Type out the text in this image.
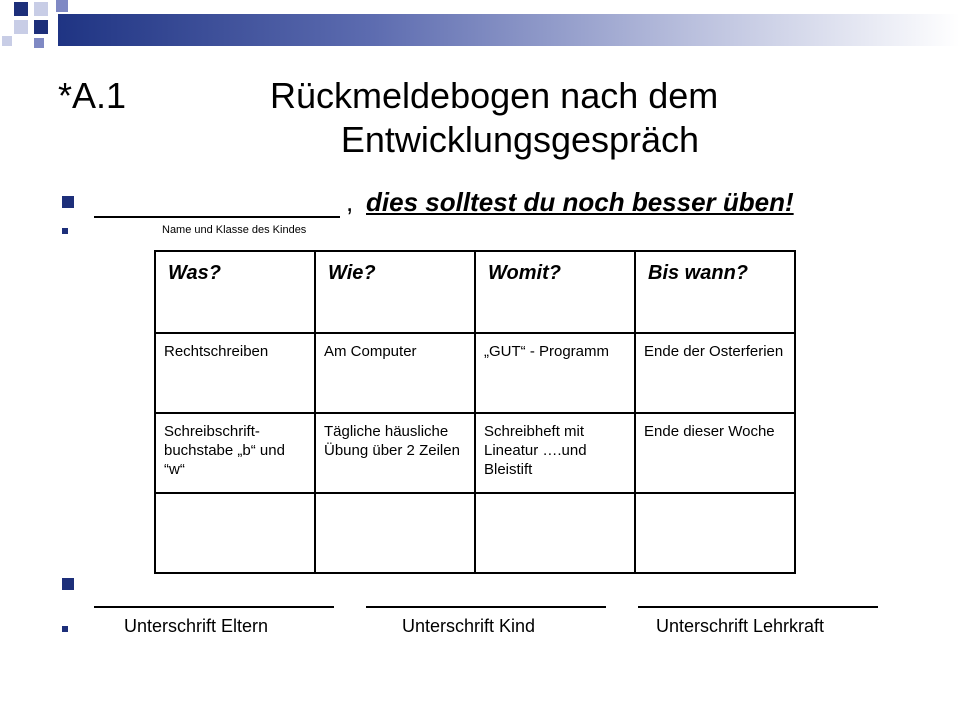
*A.1	Rückmeldebogen nach dem
Entwicklungsgespräch
, dies solltest du noch besser üben!
Name und Klasse des Kindes
Was?	Wie?	Womit?	Bis wann?
Rechtschreiben	Am Computer	„GUT“ - Programm	Ende der Osterferien
Schreibschrift-buchstabe „b“ und “w“	Tägliche häusliche Übung über 2 Zeilen	Schreibheft mit Lineatur ….und Bleistift	Ende dieser Woche

Unterschrift Eltern	Unterschrift Kind	Unterschrift Lehrkraft
